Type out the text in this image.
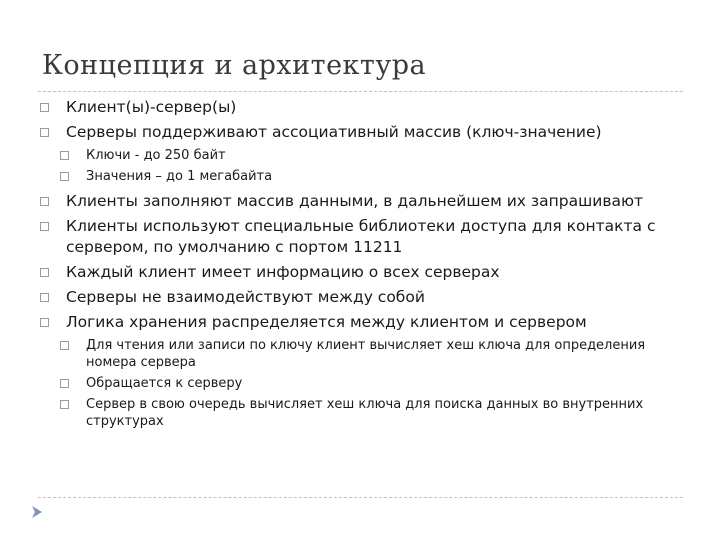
Концепция и архитектура
Клиент(ы)-сервер(ы)
Серверы поддерживают ассоциативный массив (ключ-значение)
Ключи - до 250 байт
Значения – до 1 мегабайта
Клиенты заполняют массив данными, в дальнейшем их запрашивают
Клиенты используют специальные библиотеки доступа для контакта с сервером, по умолчанию с портом 11211
Каждый клиент имеет информацию о всех серверах
Серверы не взаимодействуют между собой
Логика хранения распределяется между клиентом и сервером
Для чтения или записи по ключу клиент вычисляет хеш ключа для определения номера сервера
Обращается к серверу
Сервер в свою очередь вычисляет хеш ключа для поиска данных во внутренних структурах
